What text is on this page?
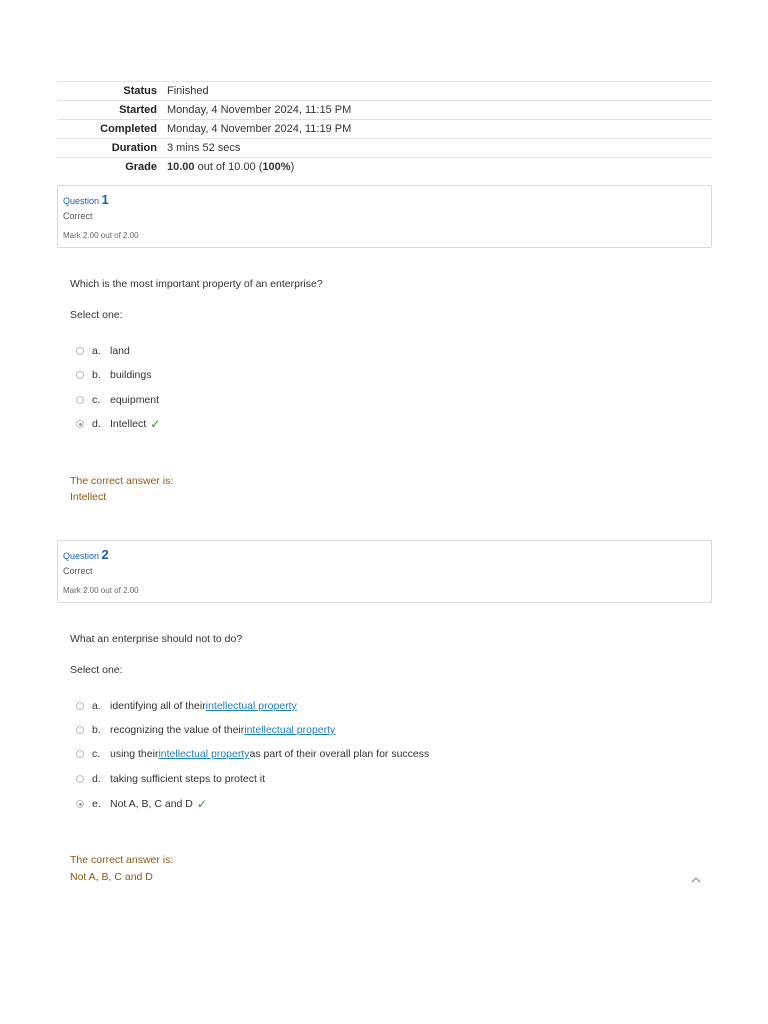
Status Finished
Started Monday, 4 November 2024, 11:15 PM
Completed Monday, 4 November 2024, 11:19 PM
Duration 3 mins 52 secs
Grade 10.00 out of 10.00 (100%)
Question 1
Correct
Mark 2.00 out of 2.00
Which is the most important property of an enterprise?
Select one:
a. land
b. buildings
c. equipment
d. Intellect ✓
The correct answer is:
Intellect
Question 2
Correct
Mark 2.00 out of 2.00
What an enterprise should not to do?
Select one:
a. identifying all of their intellectual property
b. recognizing the value of their intellectual property
c. using their intellectual property as part of their overall plan for success
d. taking sufficient steps to protect it
e. Not A, B, C and D ✓
The correct answer is:
Not A, B, C and D
